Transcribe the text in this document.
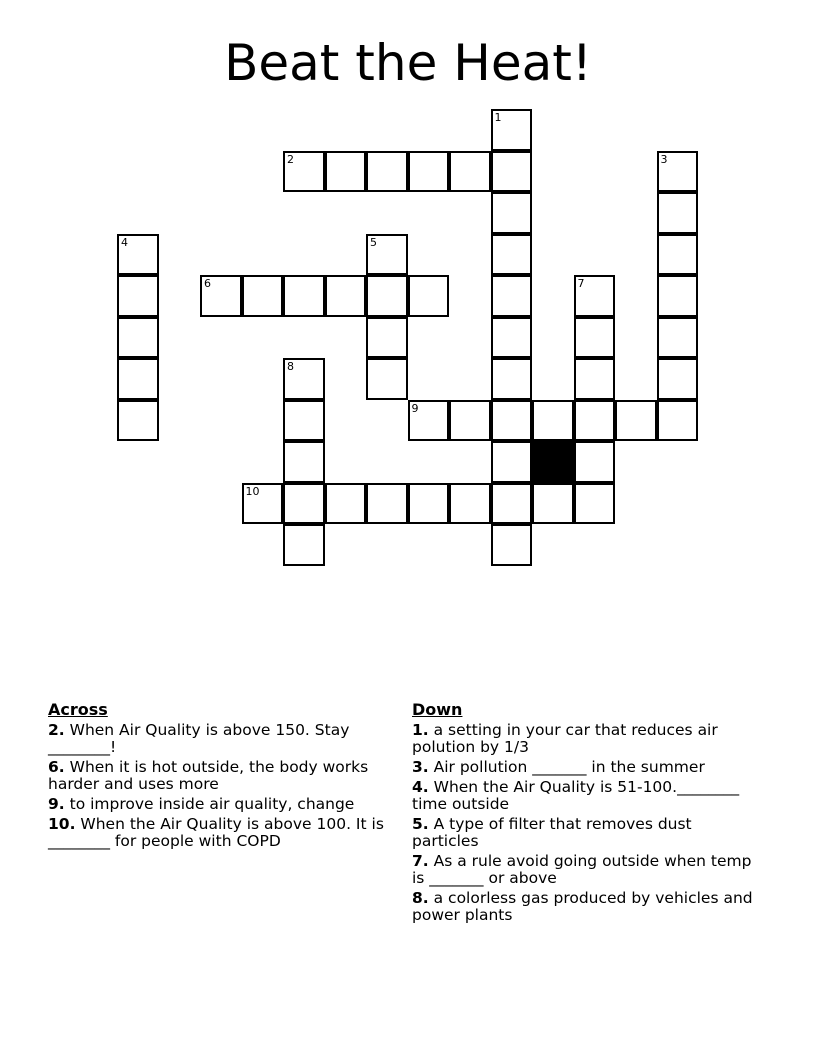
Beat the Heat!
1
2	3
4	5
6	7
8
9
10
Across
2. When Air Quality is above 150. Stay ________!
6. When it is hot outside, the body works harder and uses more
9. to improve inside air quality, change
10. When the Air Quality is above 100. It is ________ for people with COPD
Down
1. a setting in your car that reduces air polution by 1/3
3. Air pollution _______ in the summer
4. When the Air Quality is 51-100.________ time outside
5. A type of filter that removes dust particles
7. As a rule avoid going outside when temp is _______ or above
8. a colorless gas produced by vehicles and power plants
